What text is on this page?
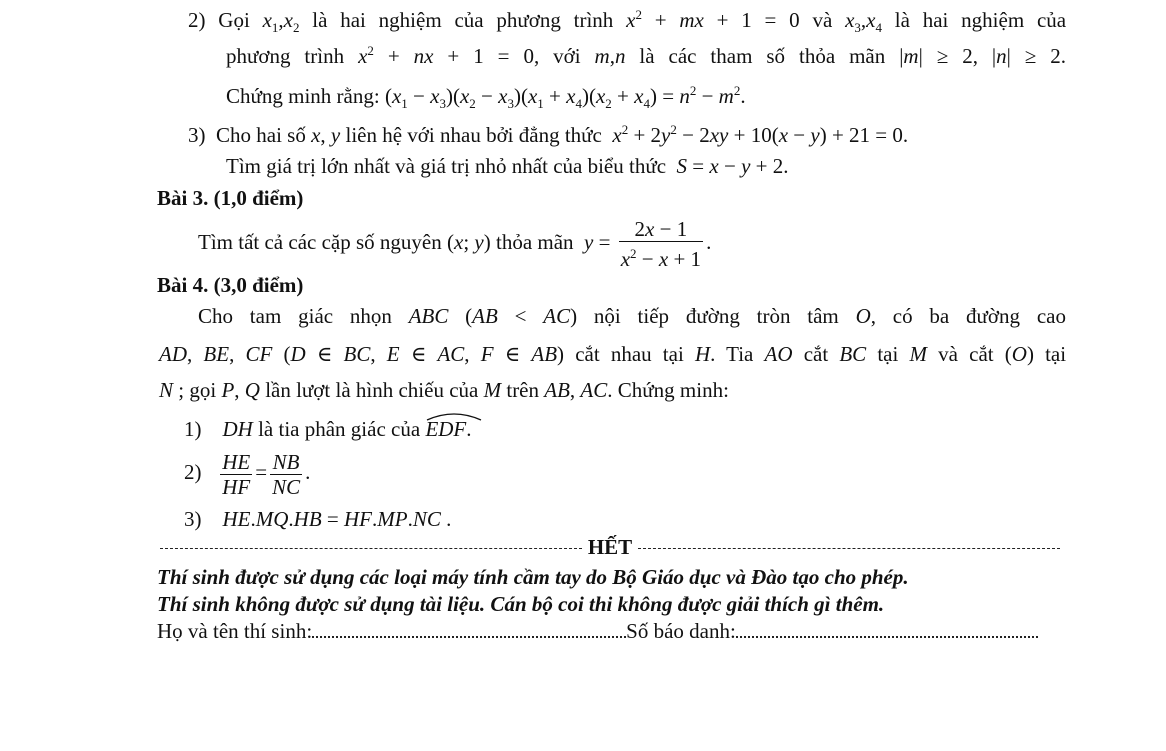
2) Gọi $x_1,x_2$ là hai nghiệm của phương trình $x^2$ + mx + 1 = 0 và $x_3,x_4$ là hai nghiệm của
phương trình $x^2$ + nx + 1 = 0, với m,n là các tham số thỏa mãn |m| ≥ 2, |n| ≥ 2.
Chứng minh rằng: $(x_1 - x_3)(x_2 - x_3)(x_1 + x_4)(x_2 + x_4) = n^2 - m^2$.
3) Cho hai số x, y liên hệ với nhau bởi đẳng thức $x^2 + 2y^2 - 2xy + 10(x - y) + 21 = 0$.
Tìm giá trị lớn nhất và giá trị nhỏ nhất của biểu thức S = x − y + 2.
Bài 3. (1,0 điểm)
Tìm tất cả các cặp số nguyên (x; y) thỏa mãn $y = \frac{2x - 1}{x^2 - x + 1}$ .
Bài 4. (3,0 điểm)
Cho tam giác nhọn ABC (AB < AC) nội tiếp đường tròn tâm O, có ba đường cao
AD, BE, CF (D ∈ BC, E ∈ AC, F ∈ AB) cắt nhau tại H. Tia AO cắt BC tại M và cắt (O) tại
N ; gọi P, Q lần lượt là hình chiếu của M trên AB, AC. Chứng minh:
1) DH là tia phân giác của EDF.
$2) \frac{HE}{HF} = \frac{NB}{NC}$ .
3) HE.MQ.HB = HF.MP.NC .
HẾT
Thí sinh được sử dụng các loại máy tính cầm tay do Bộ Giáo dục và Đào tạo cho phép.
Thí sinh không được sử dụng tài liệu. Cán bộ coi thi không được giải thích gì thêm.
Họ và tên thí sinh:	Số báo danh:
